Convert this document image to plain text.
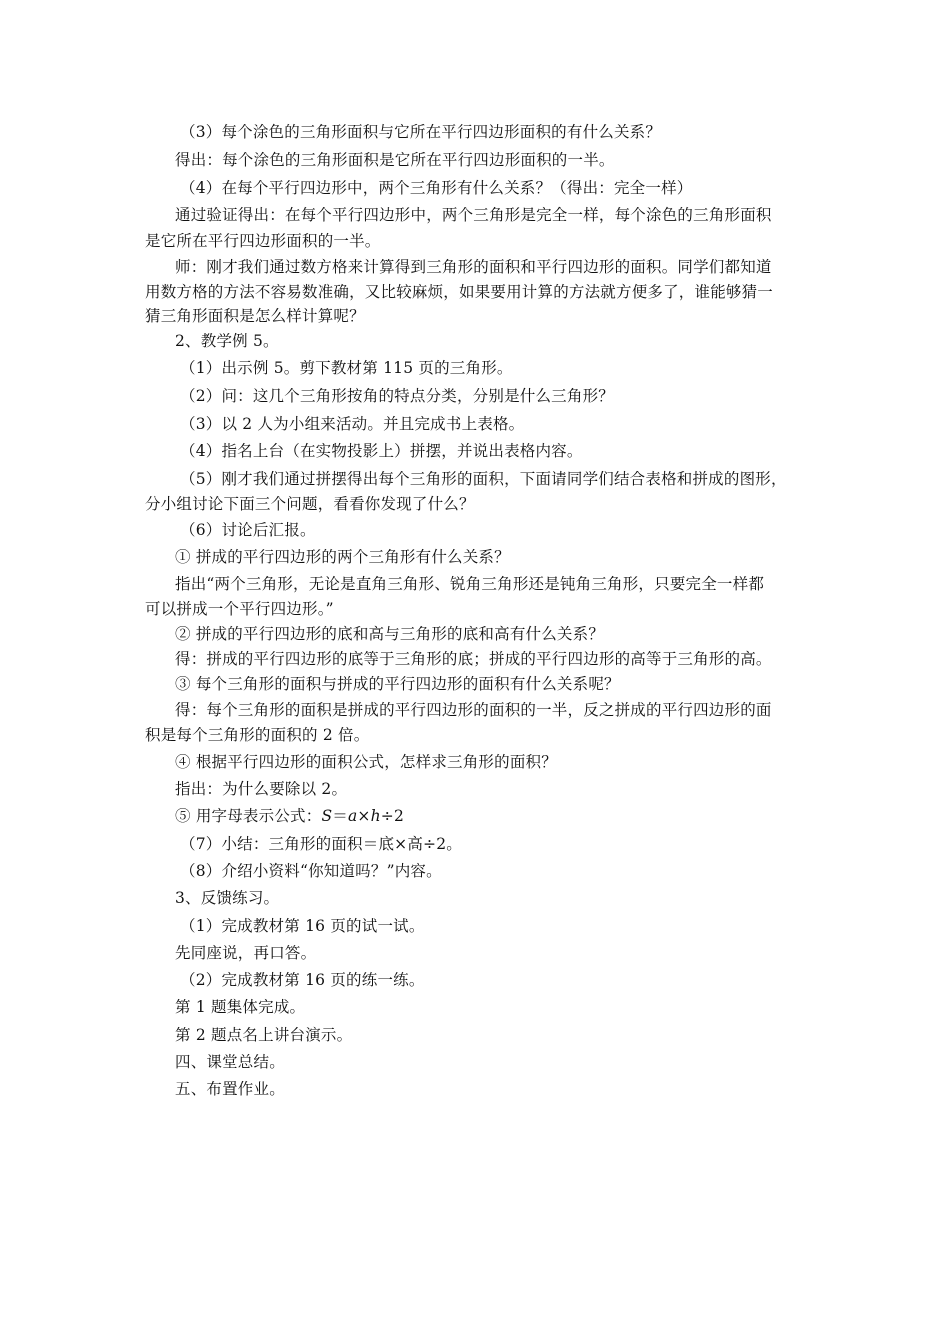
（3）每个涂色的三角形面积与它所在平行四边形面积的有什么关系？
得出：每个涂色的三角形面积是它所在平行四边形面积的一半。
（4）在每个平行四边形中，两个三角形有什么关系？（得出：完全一样）
通过验证得出：在每个平行四边形中，两个三角形是完全一样，每个涂色的三角形面积
是它所在平行四边形面积的一半。
师：刚才我们通过数方格来计算得到三角形的面积和平行四边形的面积。同学们都知道
用数方格的方法不容易数准确，又比较麻烦，如果要用计算的方法就方便多了，谁能够猜一
猜三角形面积是怎么样计算呢？
2、教学例 5。
（1）出示例 5。剪下教材第 115 页的三角形。
（2）问：这几个三角形按角的特点分类，分别是什么三角形？
（3）以 2 人为小组来活动。并且完成书上表格。
（4）指名上台（在实物投影上）拼摆，并说出表格内容。
（5）刚才我们通过拼摆得出每个三角形的面积，下面请同学们结合表格和拼成的图形，
分小组讨论下面三个问题，看看你发现了什么？
（6）讨论后汇报。
① 拼成的平行四边形的两个三角形有什么关系？
指出“两个三角形，无论是直角三角形、锐角三角形还是钝角三角形，只要完全一样都
可以拼成一个平行四边形。”
② 拼成的平行四边形的底和高与三角形的底和高有什么关系？
得：拼成的平行四边形的底等于三角形的底；拼成的平行四边形的高等于三角形的高。
③ 每个三角形的面积与拼成的平行四边形的面积有什么关系呢？
得：每个三角形的面积是拼成的平行四边形的面积的一半，反之拼成的平行四边形的面
积是每个三角形的面积的 2 倍。
④ 根据平行四边形的面积公式，怎样求三角形的面积？
指出：为什么要除以 2。
⑤ 用字母表示公式：S＝a×h÷2
（7）小结：三角形的面积＝底×高÷2。
（8）介绍小资料“你知道吗？”内容。
3、反馈练习。
（1）完成教材第 16 页的试一试。
先同座说，再口答。
（2）完成教材第 16 页的练一练。
第 1 题集体完成。
第 2 题点名上讲台演示。
四、课堂总结。
五、布置作业。
